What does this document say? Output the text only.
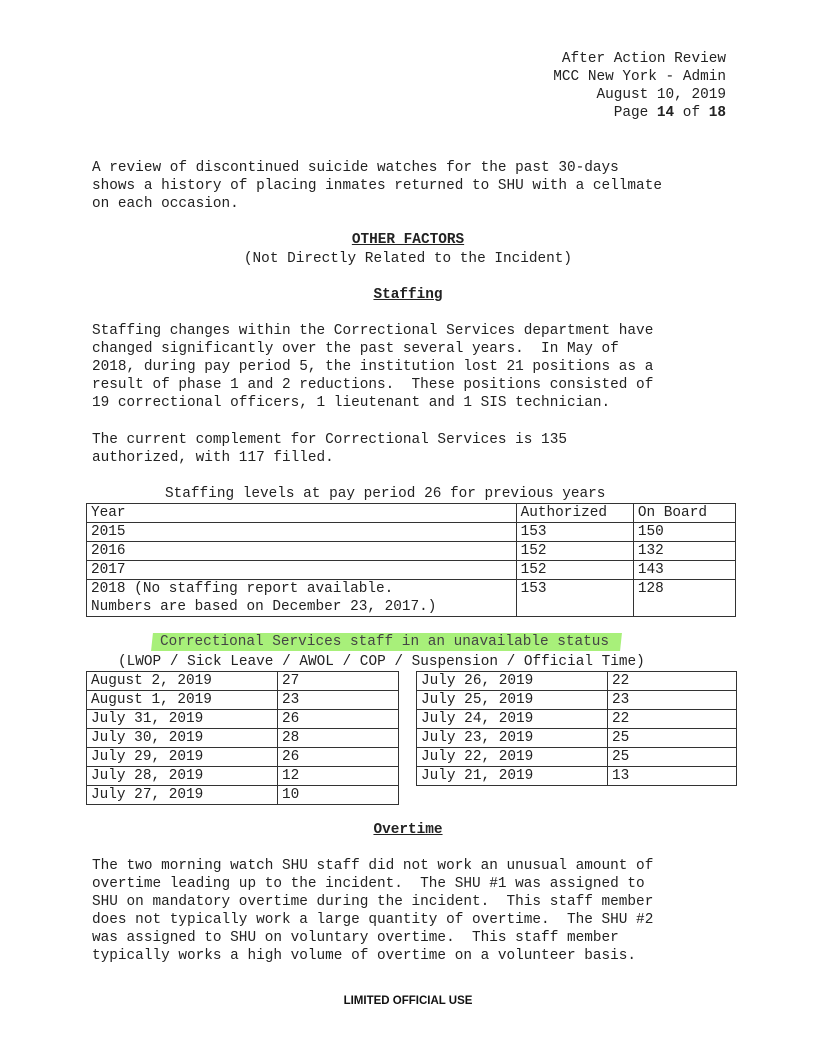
After Action Review
MCC New York - Admin
August 10, 2019
Page 14 of 18
A review of discontinued suicide watches for the past 30-days
shows a history of placing inmates returned to SHU with a cellmate
on each occasion.
OTHER FACTORS
(Not Directly Related to the Incident)
Staffing
Staffing changes within the Correctional Services department have
changed significantly over the past several years.  In May of
2018, during pay period 5, the institution lost 21 positions as a
result of phase 1 and 2 reductions.  These positions consisted of
19 correctional officers, 1 lieutenant and 1 SIS technician.
The current complement for Correctional Services is 135
authorized, with 117 filled.
Staffing levels at pay period 26 for previous years
Year	Authorized	On Board
2015	153	150
2016	152	132
2017	152	143
2018 (No staffing report available.
Numbers are based on December 23, 2017.)	153	128
Correctional Services staff in an unavailable status
(LWOP / Sick Leave / AWOL / COP / Suspension / Official Time)
August 2, 2019	27
August 1, 2019	23
July 31, 2019	26
July 30, 2019	28
July 29, 2019	26
July 28, 2019	12
July 27, 2019	10
July 26, 2019	22
July 25, 2019	23
July 24, 2019	22
July 23, 2019	25
July 22, 2019	25
July 21, 2019	13
Overtime
The two morning watch SHU staff did not work an unusual amount of
overtime leading up to the incident.  The SHU #1 was assigned to
SHU on mandatory overtime during the incident.  This staff member
does not typically work a large quantity of overtime.  The SHU #2
was assigned to SHU on voluntary overtime.  This staff member
typically works a high volume of overtime on a volunteer basis.
LIMITED OFFICIAL USE
